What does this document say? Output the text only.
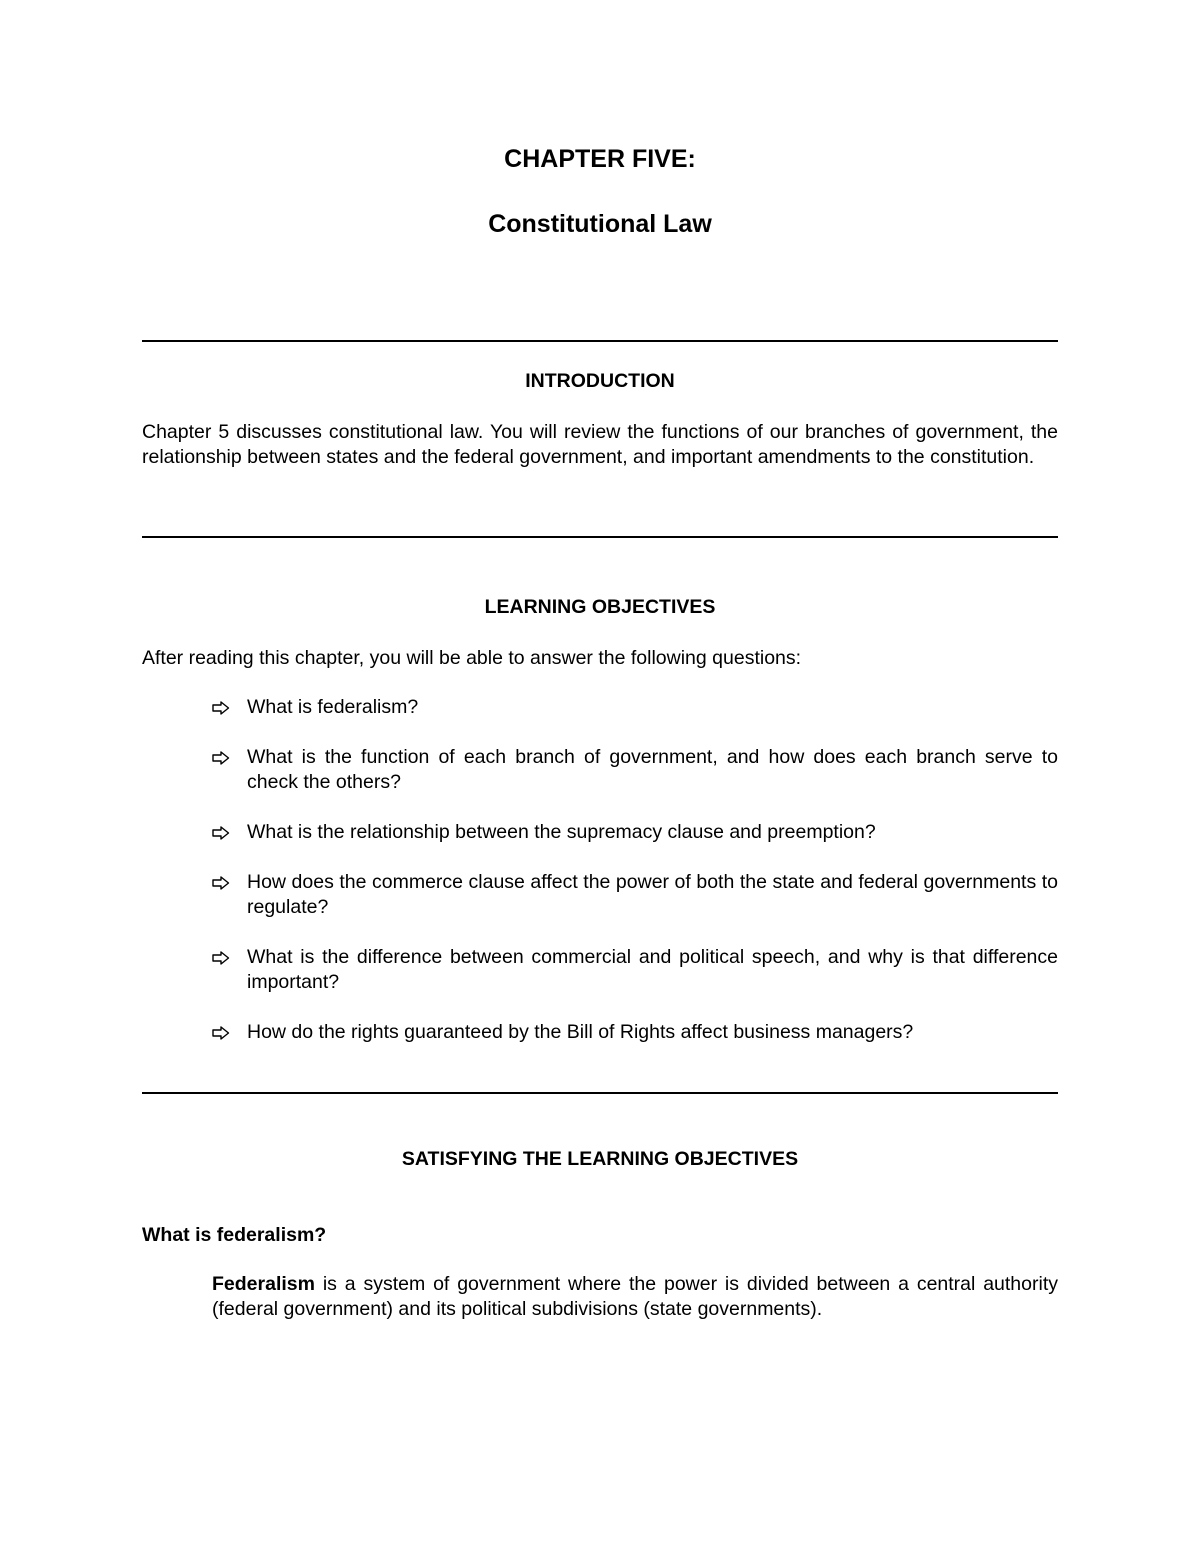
CHAPTER FIVE:
Constitutional Law
INTRODUCTION
Chapter 5 discusses constitutional law. You will review the functions of our branches of government, the relationship between states and the federal government, and important amendments to the constitution.
LEARNING OBJECTIVES
After reading this chapter, you will be able to answer the following questions:
What is federalism?
What is the function of each branch of government, and how does each branch serve to check the others?
What is the relationship between the supremacy clause and preemption?
How does the commerce clause affect the power of both the state and federal governments to regulate?
What is the difference between commercial and political speech, and why is that difference important?
How do the rights guaranteed by the Bill of Rights affect business managers?
SATISFYING THE LEARNING OBJECTIVES
What is federalism?
Federalism is a system of government where the power is divided between a central authority (federal government) and its political subdivisions (state governments).
